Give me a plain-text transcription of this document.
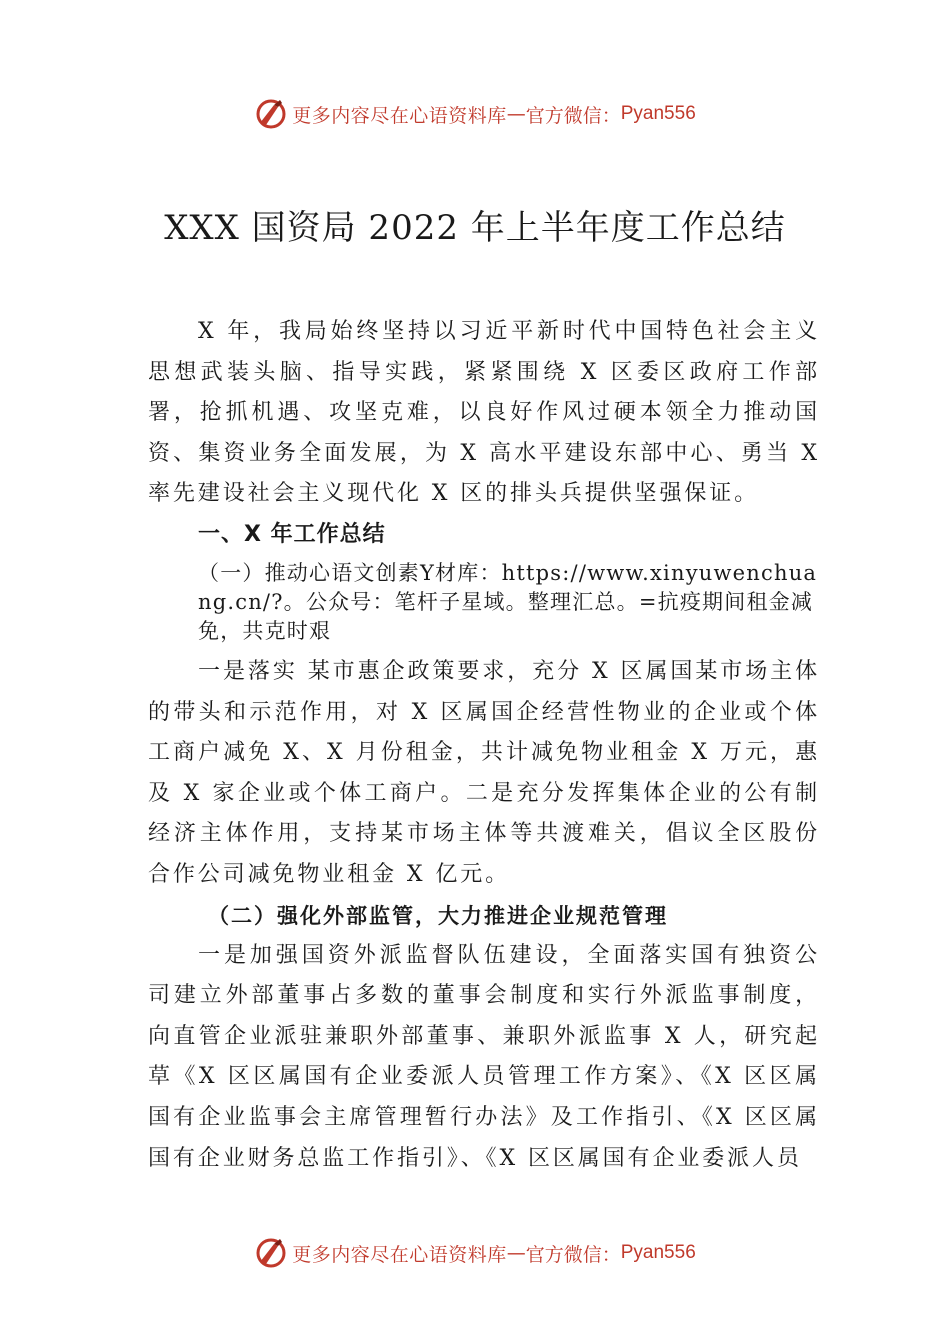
更多内容尽在心语资料库 — 官方微信： Pyan556
XXX 国资局 2022 年上半年度工作总结

X 年，我局始终坚持以习近平新时代中国特色社会主义思想武装头脑、指导实践，紧紧围绕 X 区委区政府工作部署，抢抓机遇、攻坚克难，以良好作风过硬本领全力推动国资、集资业务全面发展，为 X 高水平建设东部中心、勇当 X 率先建设社会主义现代化 X 区的排头兵提供坚强保证。

一、X 年工作总结

（一）推动心语文创素Y材库：https://www.xinyuwenchuang.cn/?。公众号：笔杆子星域。整理汇总。=抗疫期间租金减免，共克时艰

一是落实 某市惠企政策要求，充分 X 区属国某市场主体的带头和示范作用，对 X 区属国企经营性物业的企业或个体工商户减免 X、X 月份租金，共计减免物业租金 X 万元，惠及 X 家企业或个体工商户。二是充分发挥集体企业的公有制经济主体作用，支持某市场主体等共渡难关，倡议全区股份合作公司减免物业租金 X 亿元。

（二）强化外部监管，大力推进企业规范管理

一是加强国资外派监督队伍建设，全面落实国有独资公司建立外部董事占多数的董事会制度和实行外派监事制度，向直管企业派驻兼职外部董事、兼职外派监事 X 人，研究起草《X 区区属国有企业委派人员管理工作方案》、《X 区区属国有企业监事会主席管理暂行办法》及工作指引、《X 区区属国有企业财务总监工作指引》、《X 区区属国有企业委派人员

更多内容尽在心语资料库 — 官方微信： Pyan556
